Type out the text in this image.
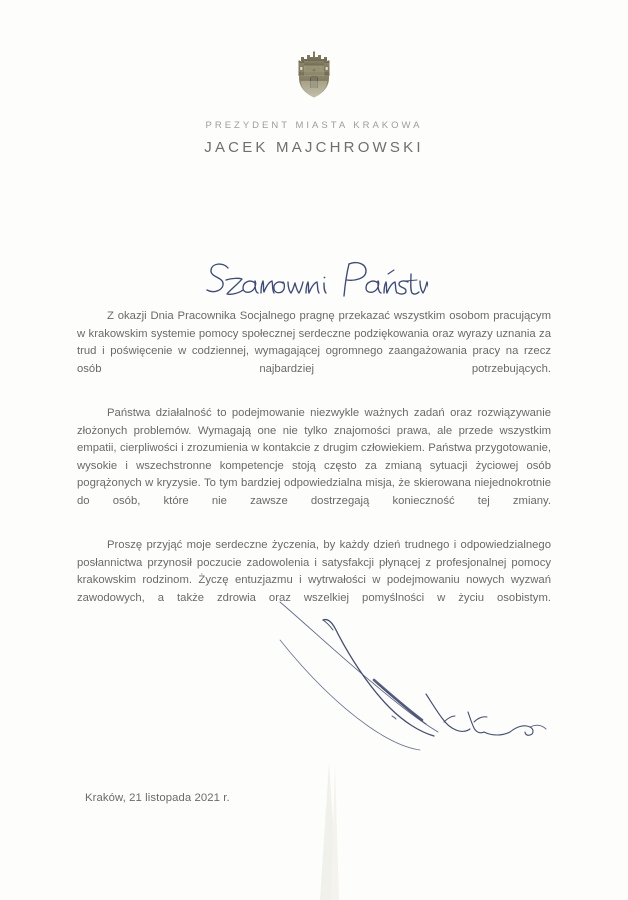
PREZYDENT MIASTA KRAKOWA
JACEK MAJCHROWSKI

Z okazji Dnia Pracownika Socjalnego pragnę przekazać wszystkim osobom pracującym w krakowskim systemie pomocy społecznej serdeczne podziękowania oraz wyrazy uznania za trud i poświęcenie w codziennej, wymagającej ogromnego zaangażowania pracy na rzecz osób najbardziej potrzebujących.

Państwa działalność to podejmowanie niezwykle ważnych zadań oraz rozwiązywanie złożonych problemów. Wymagają one nie tylko znajomości prawa, ale przede wszystkim empatii, cierpliwości i zrozumienia w kontakcie z drugim człowiekiem. Państwa przygotowanie, wysokie i wszechstronne kompetencje stoją często za zmianą sytuacji życiowej osób pogrążonych w kryzysie. To tym bardziej odpowiedzialna misja, że skierowana niejednokrotnie do osób, które nie zawsze dostrzegają konieczność tej zmiany.

Proszę przyjąć moje serdeczne życzenia, by każdy dzień trudnego i odpowiedzialnego posłannictwa przynosił poczucie zadowolenia i satysfakcji płynącej z profesjonalnej pomocy krakowskim rodzinom. Życzę entuzjazmu i wytrwałości w podejmowaniu nowych wyzwań zawodowych, a także zdrowia oraz wszelkiej pomyślności w życiu osobistym.

Kraków, 21 listopada 2021 r.
